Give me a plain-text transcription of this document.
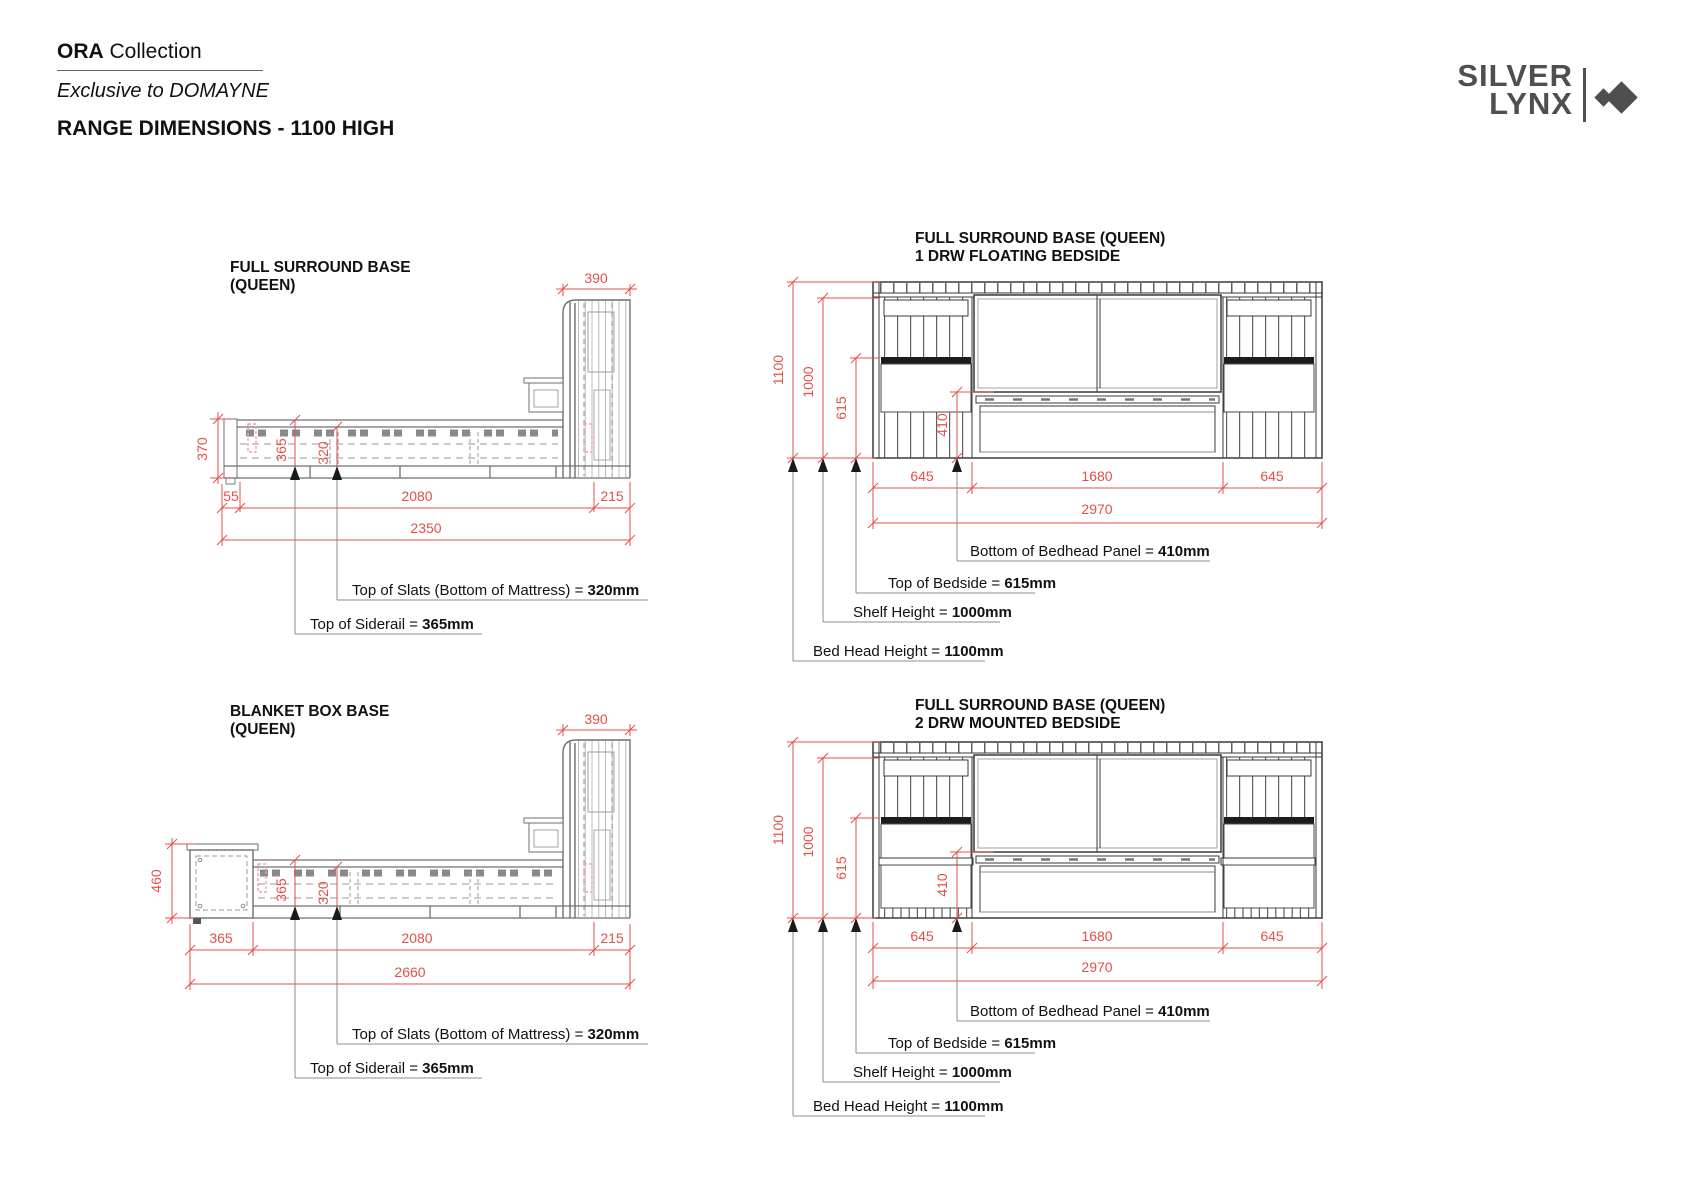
ORA Collection
Exclusive to DOMAYNE
RANGE DIMENSIONS - 1100 HIGH
SILVER
LYNX
FULL SURROUND BASE
(QUEEN)	390
370	365 320
55	2080	215
2350
Top of Slats (Bottom of Mattress) = 320mm
Top of Siderail = 365mm
BLANKET BOX BASE
(QUEEN)
390
460	365 320
365	2080	215
2660
Top of Slats (Bottom of Mattress) = 320mm
Top of Siderail = 365mm
FULL SURROUND BASE (QUEEN)
1 DRW FLOATING BEDSIDE
1100 1000
615
410
645	1680	645
2970
Bottom of Bedhead Panel = 410mm
Top of Bedside = 615mm
Shelf Height = 1000mm
Bed Head Height = 1100mm
FULL SURROUND BASE (QUEEN)
2 DRW MOUNTED BEDSIDE
1100 1000
615
410
645	1680	645
2970
Bottom of Bedhead Panel = 410mm
Top of Bedside = 615mm
Shelf Height = 1000mm
Bed Head Height = 1100mm
